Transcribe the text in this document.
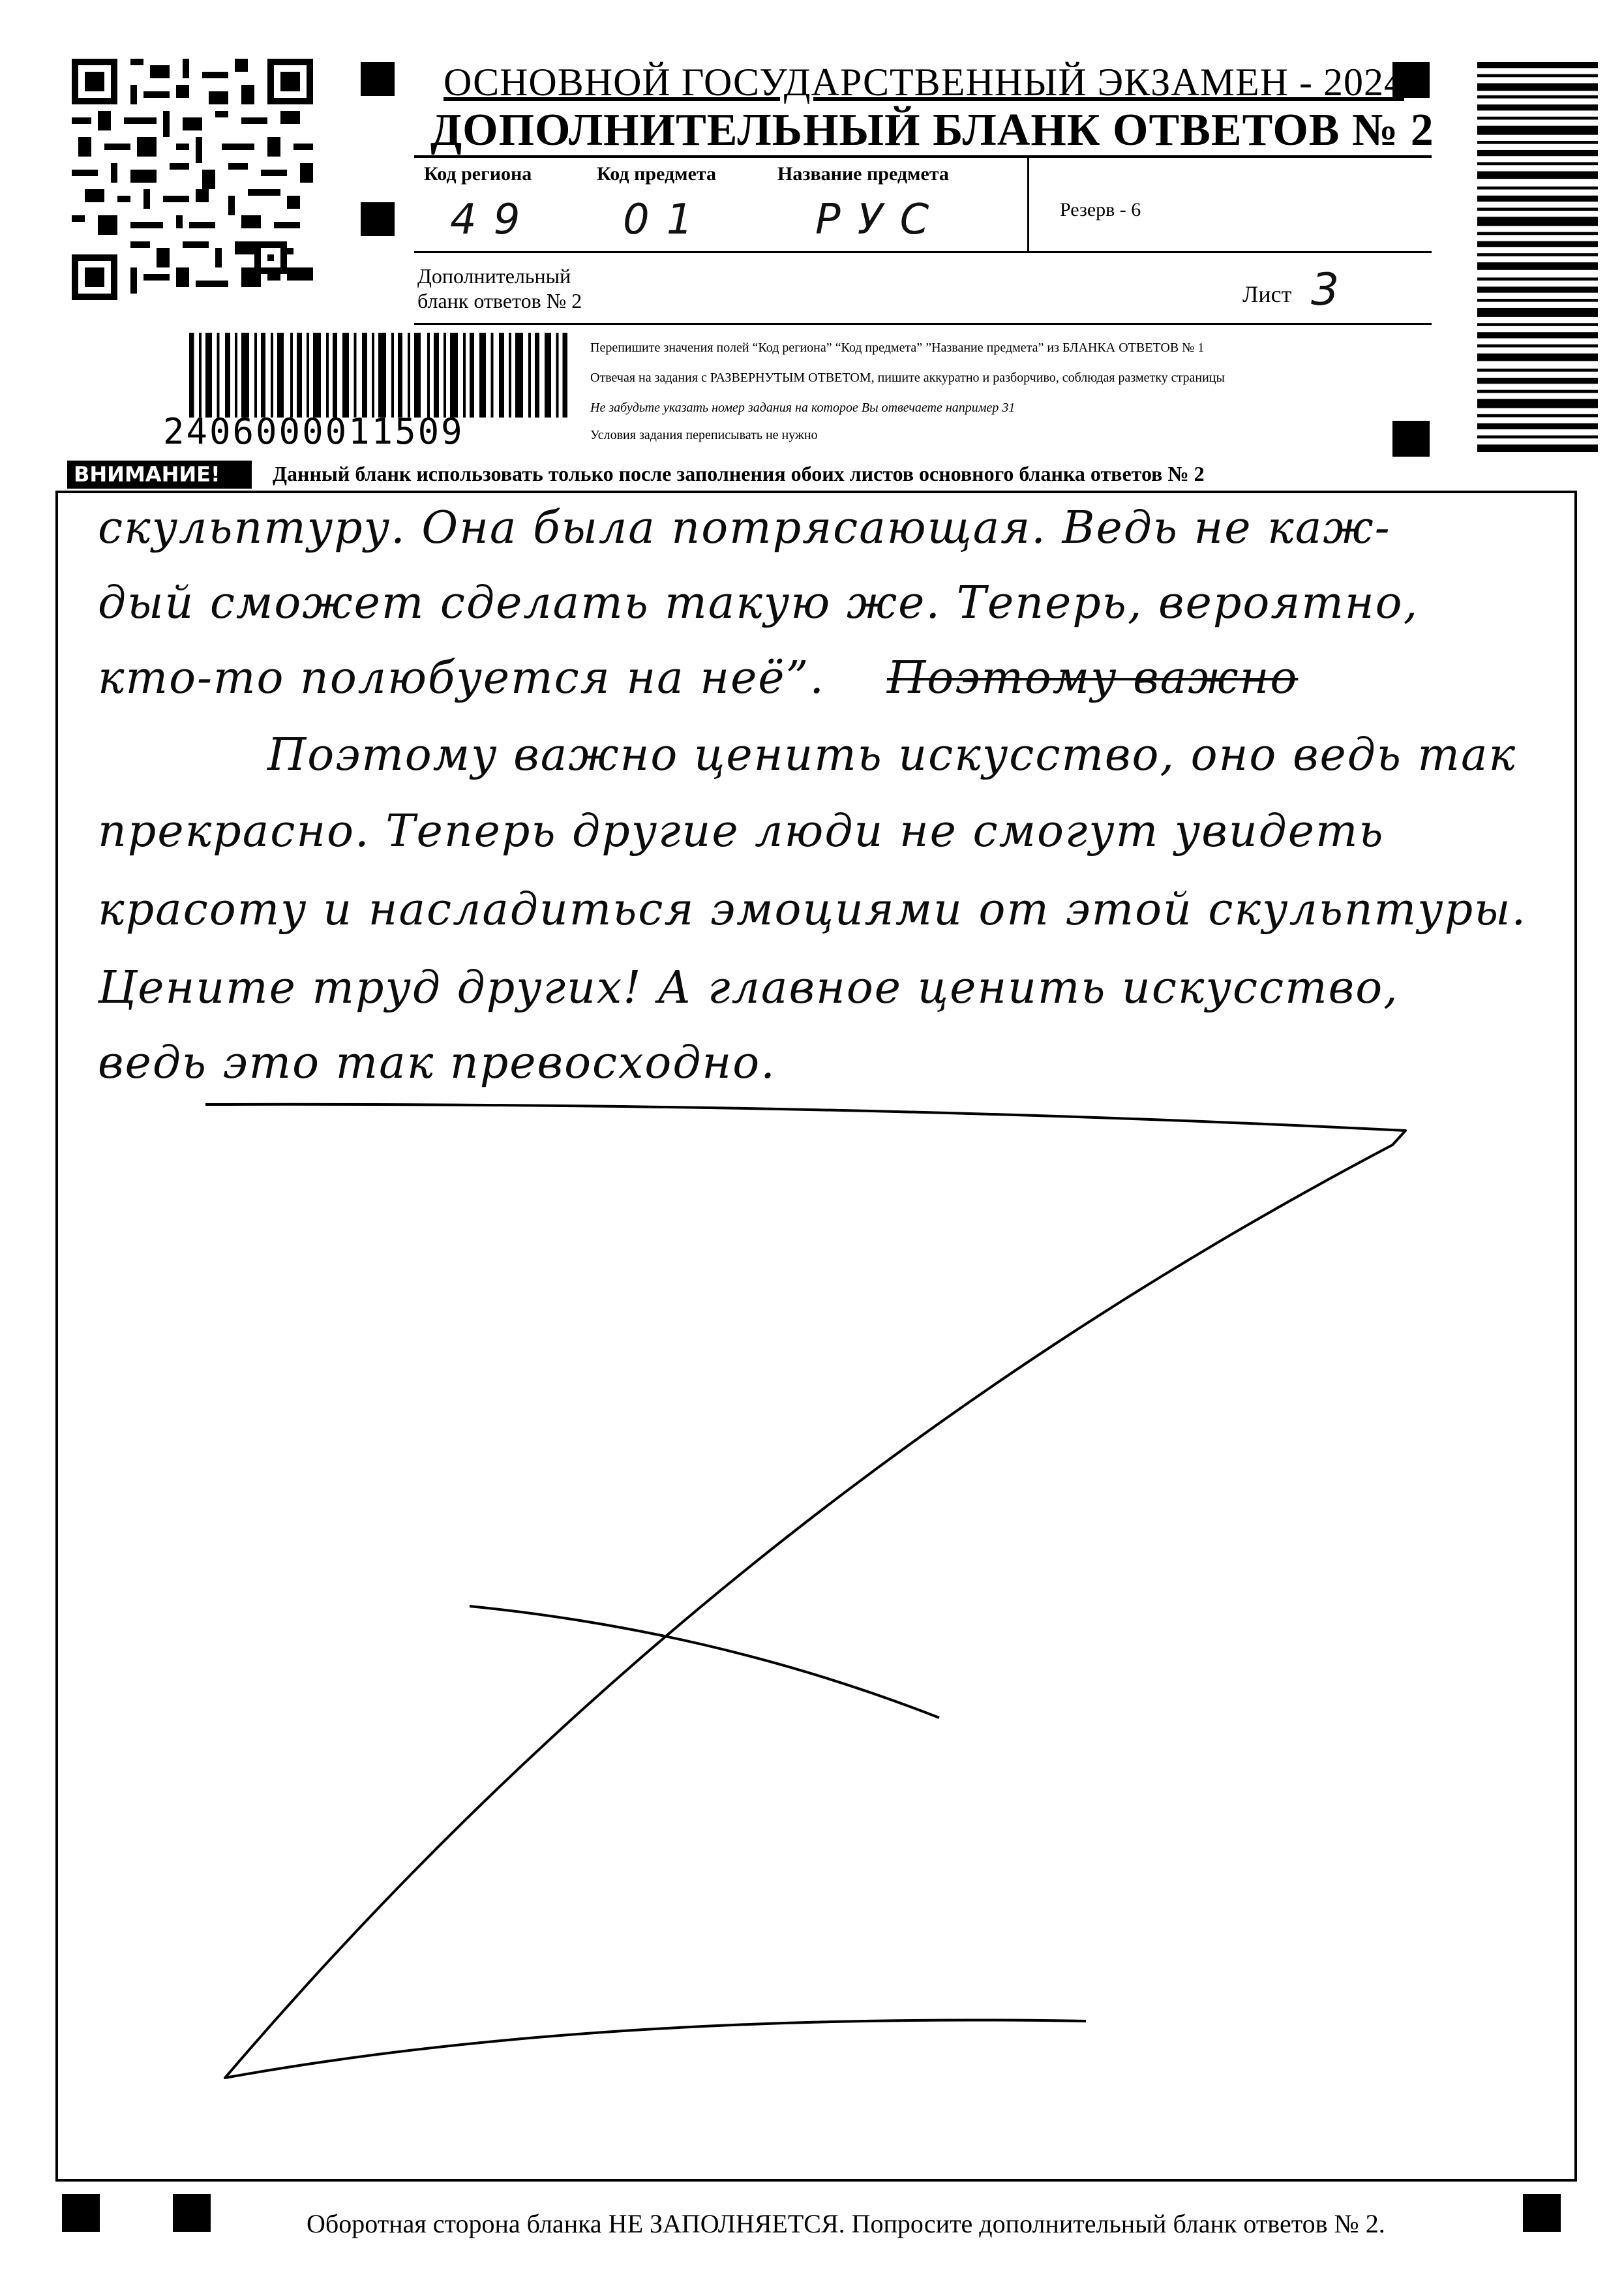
ОСНОВНОЙ ГОСУДАРСТВЕННЫЙ ЭКЗАМЕН - 2024
ДОПОЛНИТЕЛЬНЫЙ БЛАНК ОТВЕТОВ № 2
Код региона	Код предмета	Название предмета
49 01	РУС	Резерв - 6
Дополнительный
бланк ответов № 2	Лист 3
2406000011509
Перепишите значения полей “Код региона” “Код предмета” ”Название предмета” из БЛАНКА ОТВЕТОВ № 1
Отвечая на задания с РАЗВЕРНУТЫМ ОТВЕТОМ, пишите аккуратно и разборчиво, соблюдая разметку страницы
Не забудьте указать номер задания на которое Вы отвечаете например 31
Условия задания переписывать не нужно
ВНИМАНИЕ!	Данный бланк использовать только после заполнения обоих листов основного бланка ответов № 2
скульптуру. Она была потрясающая. Ведь не каж-
дый сможет сделать такую же. Теперь, вероятно,
кто-то полюбуется на неё”. Поэтому важно
Поэтому важно ценить искусство, оно ведь так
прекрасно. Теперь другие люди не смогут увидеть
красоту и насладиться эмоциями от этой скульптуры.
Цените труд других! А главное ценить искусство,
ведь это так превосходно.
Оборотная сторона бланка НЕ ЗАПОЛНЯЕТСЯ. Попросите дополнительный бланк ответов № 2.
